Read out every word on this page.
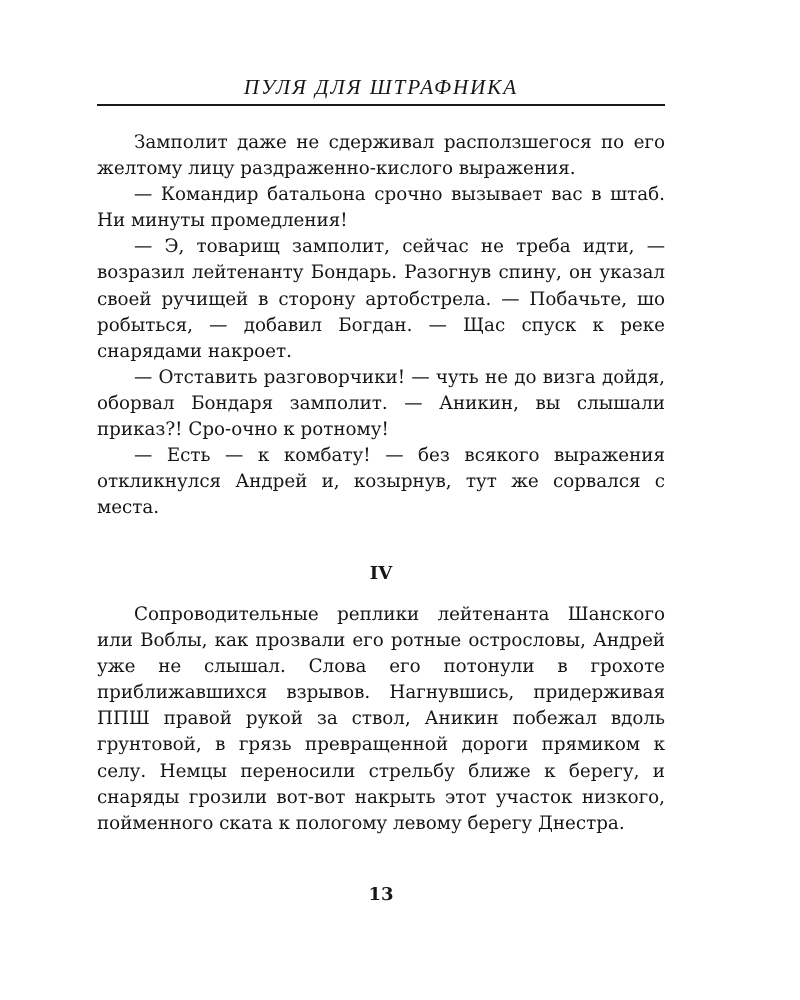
ПУЛЯ ДЛЯ ШТРАФНИКА

Замполит даже не сдерживал расползшегося по его желтому лицу раздраженно-кислого выражения.

— Командир батальона срочно вызывает вас в штаб. Ни минуты промедления!

— Э, товарищ замполит, сейчас не треба идти, — возразил лейтенанту Бондарь. Разогнув спину, он указал своей ручищей в сторону артобстрела. — Побачьте, шо робыться, — добавил Богдан. — Щас спуск к реке снарядами накроет.

— Отставить разговорчики! — чуть не до визга дойдя, оборвал Бондаря замполит. — Аникин, вы слышали приказ?! Сро-очно к ротному!

— Есть — к комбату! — без всякого выражения откликнулся Андрей и, козырнув, тут же сорвался с места.

IV

Сопроводительные реплики лейтенанта Шанского или Воблы, как прозвали его ротные острословы, Андрей уже не слышал. Слова его потонули в грохоте приближавшихся взрывов. Нагнувшись, придерживая ППШ правой рукой за ствол, Аникин побежал вдоль грунтовой, в грязь превращенной дороги прямиком к селу. Немцы переносили стрельбу ближе к берегу, и снаряды грозили вот-вот накрыть этот участок низкого, пойменного ската к пологому левому берегу Днестра.

13
